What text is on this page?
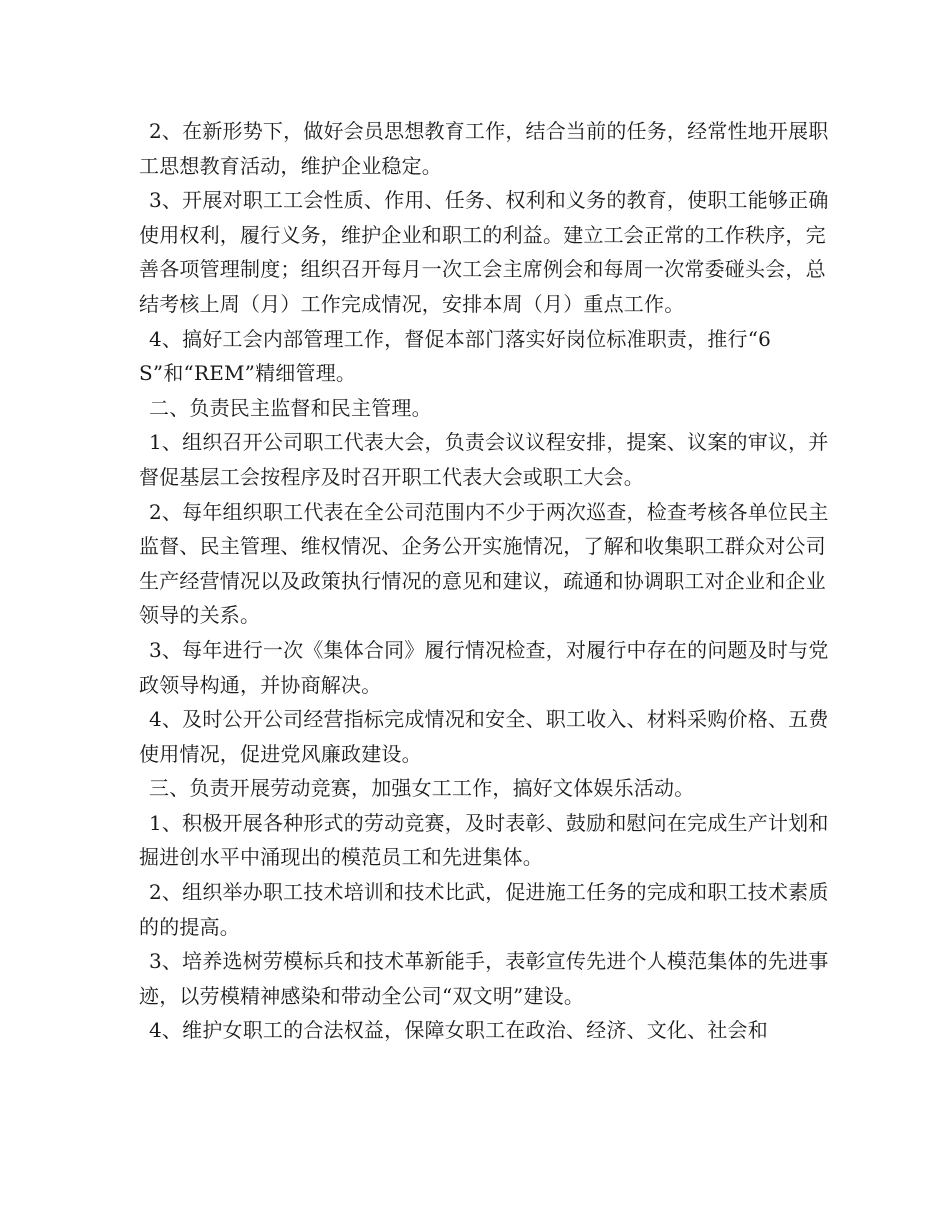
2、在新形势下，做好会员思想教育工作，结合当前的任务，经常性地开展职工思想教育活动，维护企业稳定。

3、开展对职工工会性质、作用、任务、权利和义务的教育，使职工能够正确使用权利，履行义务，维护企业和职工的利益。建立工会正常的工作秩序，完善各项管理制度；组织召开每月一次工会主席例会和每周一次常委碰头会，总结考核上周（月）工作完成情况，安排本周（月）重点工作。

4、搞好工会内部管理工作，督促本部门落实好岗位标准职责，推行“6S”和“REM”精细管理。

二、负责民主监督和民主管理。

1、组织召开公司职工代表大会，负责会议议程安排，提案、议案的审议，并督促基层工会按程序及时召开职工代表大会或职工大会。

2、每年组织职工代表在全公司范围内不少于两次巡查，检查考核各单位民主监督、民主管理、维权情况、企务公开实施情况，了解和收集职工群众对公司生产经营情况以及政策执行情况的意见和建议，疏通和协调职工对企业和企业领导的关系。

3、每年进行一次《集体合同》履行情况检查，对履行中存在的问题及时与党政领导构通，并协商解决。

4、及时公开公司经营指标完成情况和安全、职工收入、材料采购价格、五费使用情况，促进党风廉政建设。

三、负责开展劳动竞赛，加强女工工作，搞好文体娱乐活动。

1、积极开展各种形式的劳动竞赛，及时表彰、鼓励和慰问在完成生产计划和掘进创水平中涌现出的模范员工和先进集体。

2、组织举办职工技术培训和技术比武，促进施工任务的完成和职工技术素质的的提高。

3、培养选树劳模标兵和技术革新能手，表彰宣传先进个人模范集体的先进事迹，以劳模精神感染和带动全公司“双文明”建设。

4、维护女职工的合法权益，保障女职工在政治、经济、文化、社会和
